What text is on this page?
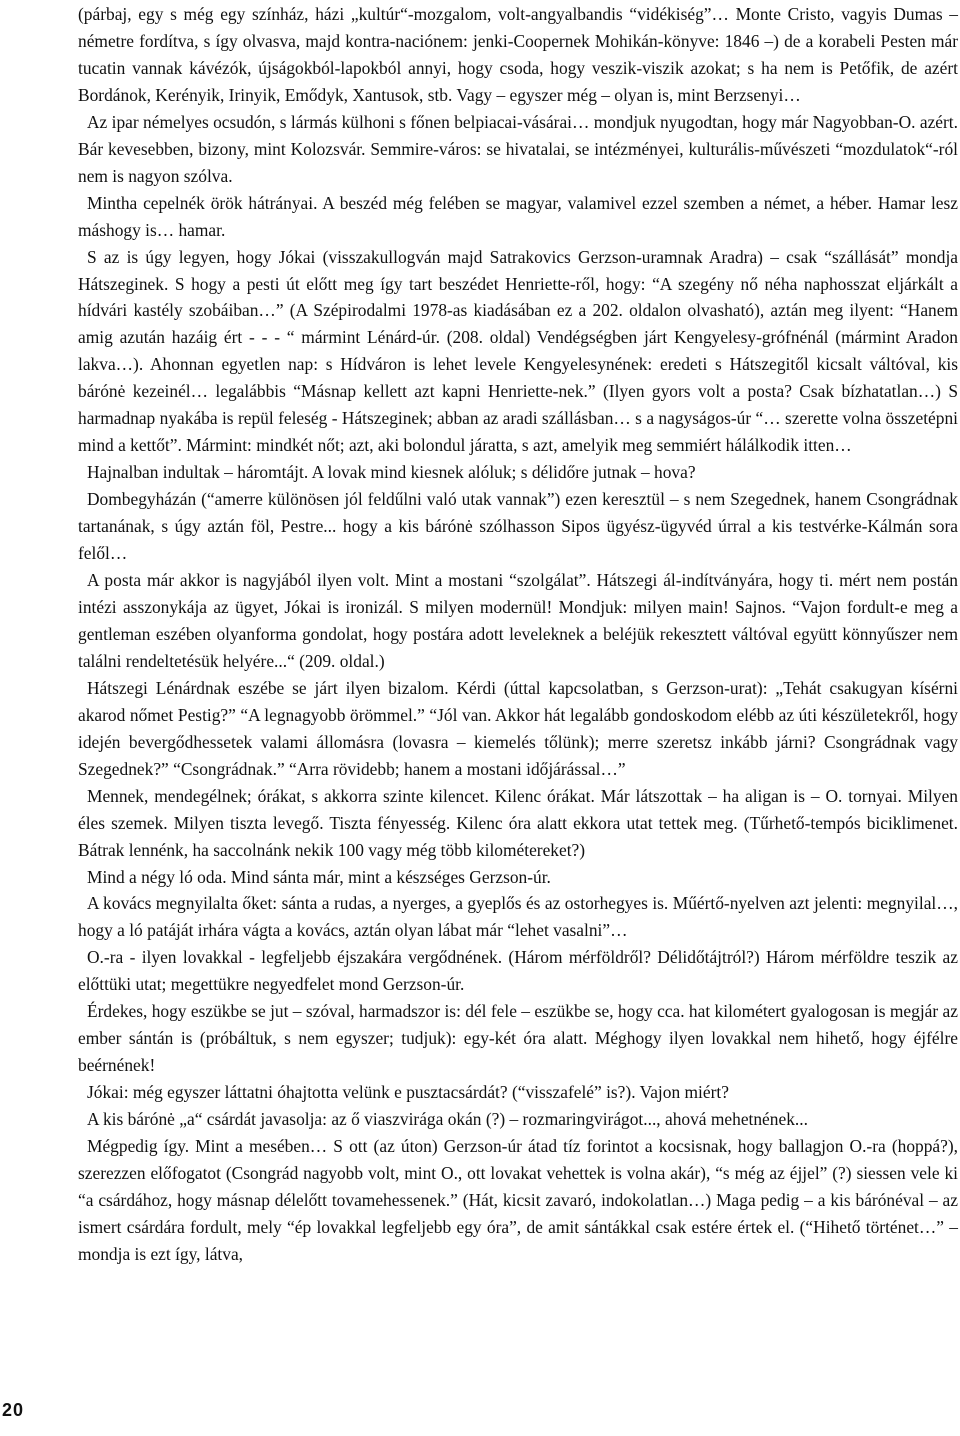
(párbaj, egy s még egy színház, házi „kultúr“-mozgalom, volt-angyalbandis “vidékiség”… Monte Cristo, vagyis Dumas – németre fordítva, s így olvasva, majd kontra-naciónem: jenki-Coopernek Mohikán-könyve: 1846 –) de a korabeli Pesten már tucatin vannak kávézók, újságokból-lapokból annyi, hogy csoda, hogy veszik-viszik azokat; s ha nem is Petőfik, de azért Bordánok, Kerényik, Irinyik, Emődyk, Xantusok, stb. Vagy – egyszer még – olyan is, mint Berzsenyi…

Az ipar némelyes ocsudón, s lármás külhoni s főnen belpiacai-vásárai… mondjuk nyugodtan, hogy már Nagyobban-O. azért. Bár kevesebben, bizony, mint Kolozsvár. Semmire-város: se hivatalai, se intézményei, kulturális-művészeti “mozdulatok“-ról nem is nagyon szólva.

Mintha cepelnék örök hátrányai. A beszéd még felében se magyar, valamivel ezzel szemben a német, a héber. Hamar lesz máshogy is… hamar.

S az is úgy legyen, hogy Jókai (visszakullogván majd Satrakovics Gerzson-uramnak Aradra) – csak “szállását” mondja Hátszeginek. S hogy a pesti út előtt meg így tart beszédet Henriette-ről, hogy: “A szegény nő néha naphosszat eljárkált a hídvári kastély szobáiban…” (A Szépirodalmi 1978-as kiadásában ez a 202. oldalon olvasható), aztán meg ilyent: “Hanem amig azután hazáig ért - - - “ mármint Lénárd-úr. (208. oldal) Vendégségben járt Kengyelesy-grófnénál (mármint Aradon lakva…). Ahonnan egyetlen nap: s Hídváron is lehet levele Kengyelesynének: eredeti s Hátszegitől kicsalt váltóval, kis bárónė kezeinél… legalábbis “Másnap kellett azt kapni Henriette-nek.” (Ilyen gyors volt a posta? Csak bízhatatlan…) S harmadnap nyakába is repül feleség - Hátszeginek; abban az aradi szállásban… s a nagyságos-úr “… szerette volna összetépni mind a kettőt”. Mármint: mindkét nőt; azt, aki bolondul járatta, s azt, amelyik meg semmiért hálálkodik itten…

Hajnalban indultak – háromtájt. A lovak mind kiesnek alóluk; s délidőre jutnak – hova?

Dombegyházán (“amerre különösen jól feldűlni való utak vannak”) ezen keresztül – s nem Szegednek, hanem Csongrádnak tartanának, s úgy aztán föl, Pestre... hogy a kis bárónė szólhasson Sipos ügyész-ügyvéd úrral a kis testvérke-Kálmán sora felől…

A posta már akkor is nagyjából ilyen volt. Mint a mostani “szolgálat”. Hátszegi ál-indítványára, hogy ti. mért nem postán intézi asszonykája az ügyet, Jókai is ironizál. S milyen modernül! Mondjuk: milyen main! Sajnos. “Vajon fordult-e meg a gentleman eszében olyanforma gondolat, hogy postára adott leveleknek a beléjük rekesztett váltóval együtt könnyűszer nem találni rendeltetésük helyére...“ (209. oldal.)

Hátszegi Lénárdnak eszébe se járt ilyen bizalom. Kérdi (úttal kapcsolatban, s Gerzson-urat): „Tehát csakugyan kísérni akarod nőmet Pestig?” “A legnagyobb örömmel.” “Jól van. Akkor hát legalább gondoskodom elébb az úti készületekről, hogy idején bevergődhessetek valami állomásra (lovasra – kiemelés tőlünk); merre szeretsz inkább járni? Csongrádnak vagy Szegednek?” “Csongrádnak.” “Arra rövidebb; hanem a mostani időjárással…”

Mennek, mendegélnek; órákat, s akkorra szinte kilencet. Kilenc órákat. Már látszottak – ha aligan is – O. tornyai. Milyen éles szemek. Milyen tiszta levegő. Tiszta fényesség. Kilenc óra alatt ekkora utat tettek meg. (Tűrhető-tempós biciklimenet. Bátrak lennénk, ha saccolnánk nekik 100 vagy még több kilométereket?)

Mind a négy ló oda. Mind sánta már, mint a készséges Gerzson-úr.

A kovács megnyilalta őket: sánta a rudas, a nyerges, a gyeplős és az ostorhegyes is. Műértő-nyelven azt jelenti: megnyilal…, hogy a ló patáját irhára vágta a kovács, aztán olyan lábat már “lehet vasalni”…

O.-ra - ilyen lovakkal - legfeljebb éjszakára vergődnének. (Három mérföldről? Délidőtájtról?) Három mérföldre teszik az előttüki utat; megettükre negyedfelet mond Gerzson-úr.

Érdekes, hogy eszükbe se jut – szóval, harmadszor is: dél fele – eszükbe se, hogy cca. hat kilométert gyalogosan is megjár az ember sántán is (próbáltuk, s nem egyszer; tudjuk): egy-két óra alatt. Méghogy ilyen lovakkal nem hihető, hogy éjfélre beérnének!

Jókai: még egyszer láttatni óhajtotta velünk e pusztacsárdát? (“visszafelé” is?). Vajon miért?

A kis bárónė „a“ csárdát javasolja: az ő viaszvirága okán (?) – rozmaringvirágot..., ahová mehetnének...

Mégpedig így. Mint a mesében… S ott (az úton) Gerzson-úr átad tíz forintot a kocsisnak, hogy ballagjon O.-ra (hoppá?), szerezzen előfogatot (Csongrád nagyobb volt, mint O., ott lovakat vehettek is volna akár), “s még az éjjel” (?) siessen vele ki “a csárdához, hogy másnap délelőtt tovamehessenek.” (Hát, kicsit zavaró, indokolatlan…) Maga pedig – a kis bárónéval – az ismert csárdára fordult, mely “ép lovakkal legfeljebb egy óra”, de amit sántákkal csak estére értek el. (“Hihető történet…” – mondja is ezt így, látva,

20
